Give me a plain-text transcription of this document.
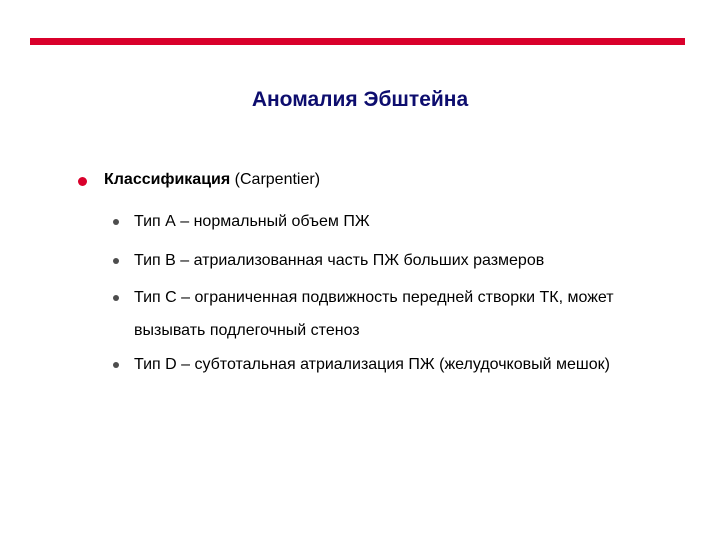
Аномалия Эбштейна
Классификация (Carpentier)
Тип А – нормальный объем ПЖ
Тип В – атриализованная часть ПЖ больших размеров
Тип С – ограниченная подвижность передней створки ТК, может вызывать подлегочный стеноз
Тип D – субтотальная атриализация ПЖ (желудочковый мешок)
